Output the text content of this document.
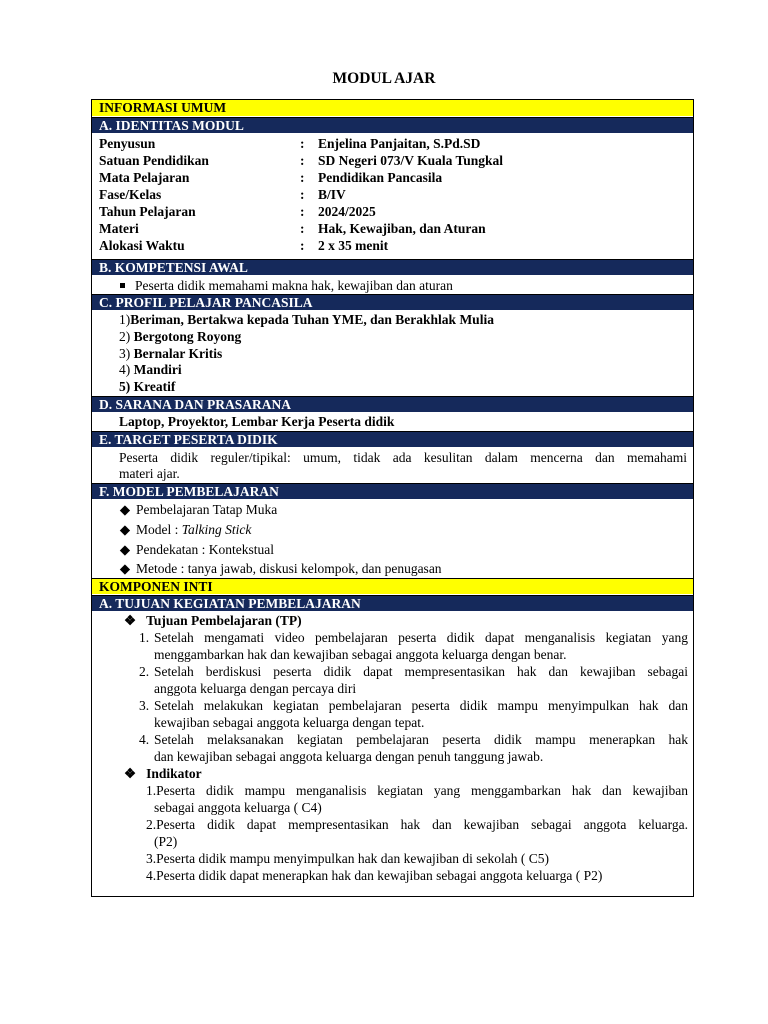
MODUL AJAR
INFORMASI UMUM
A. IDENTITAS MODUL
Penyusun	: Enjelina Panjaitan, S.Pd.SD
Satuan Pendidikan	: SD Negeri 073/V Kuala Tungkal
Mata Pelajaran	: Pendidikan Pancasila
Fase/Kelas	: B/IV
Tahun Pelajaran	: 2024/2025
Materi	: Hak, Kewajiban, dan Aturan
Alokasi Waktu	: 2 x 35 menit
B. KOMPETENSI AWAL
Peserta didik memahami makna hak, kewajiban dan aturan
C. PROFIL PELAJAR PANCASILA
1)Beriman, Bertakwa kepada Tuhan YME, dan Berakhlak Mulia
2) Bergotong Royong
3) Bernalar Kritis
4) Mandiri
5) Kreatif
D. SARANA DAN PRASARANA
Laptop, Proyektor, Lembar Kerja Peserta didik
E. TARGET PESERTA DIDIK
Peserta didik reguler/tipikal: umum, tidak ada kesulitan dalam mencerna dan memahami
materi ajar.
F. MODEL PEMBELAJARAN
◆ Pembelajaran Tatap Muka
◆ Model : Talking Stick
◆ Pendekatan : Kontekstual
◆ Metode : tanya jawab, diskusi kelompok, dan penugasan
KOMPONEN INTI
A. TUJUAN KEGIATAN PEMBELAJARAN
❖ Tujuan Pembelajaran (TP)
1. Setelah mengamati video pembelajaran peserta didik dapat menganalisis kegiatan yang
menggambarkan hak dan kewajiban sebagai anggota keluarga dengan benar.
2. Setelah berdiskusi peserta didik dapat mempresentasikan hak dan kewajiban sebagai
anggota keluarga dengan percaya diri
3. Setelah melakukan kegiatan pembelajaran peserta didik mampu menyimpulkan hak dan
kewajiban sebagai anggota keluarga dengan tepat.
4. Setelah melaksanakan kegiatan pembelajaran peserta didik mampu menerapkan hak
dan kewajiban sebagai anggota keluarga dengan penuh tanggung jawab.
❖ Indikator
1.Peserta didik mampu menganalisis kegiatan yang menggambarkan hak dan kewajiban
sebagai anggota keluarga ( C4)
2.Peserta didik dapat mempresentasikan hak dan kewajiban sebagai anggota keluarga.
(P2)
3.Peserta didik mampu menyimpulkan hak dan kewajiban di sekolah ( C5)
4.Peserta didik dapat menerapkan hak dan kewajiban sebagai anggota keluarga ( P2)
